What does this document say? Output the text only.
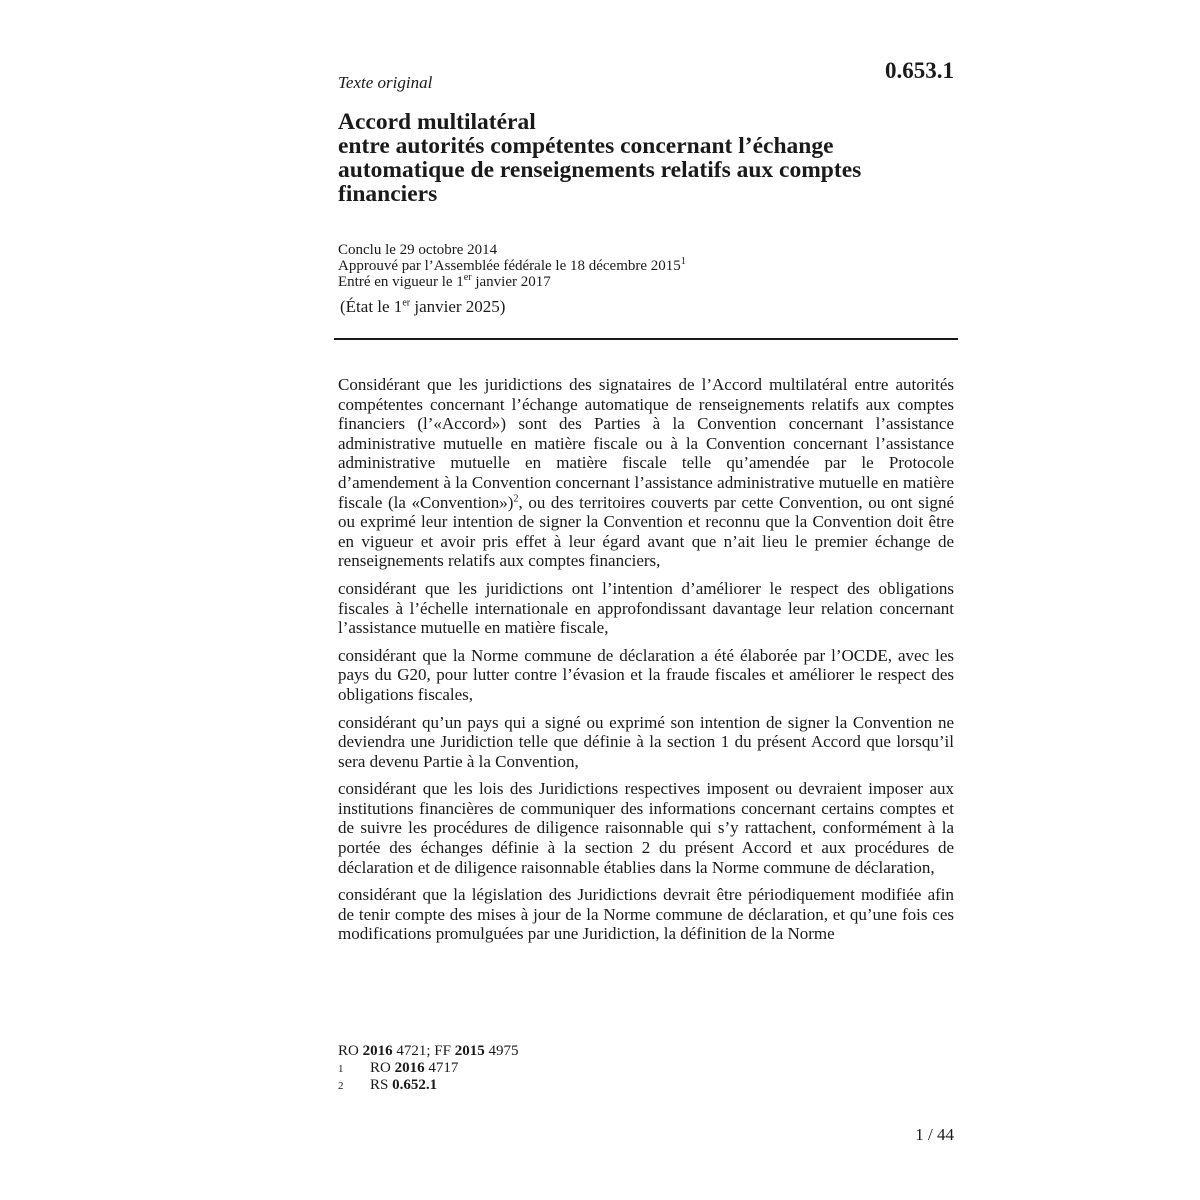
Texte original	0.653.1
Accord multilatéral
entre autorités compétentes concernant l’échange
automatique de renseignements relatifs aux comptes
financiers
Conclu le 29 octobre 2014
Approuvé par l’Assemblée fédérale le 18 décembre 2015$^1$
Entré en vigueur le 1er janvier 2017
(État le 1er janvier 2025)

Considérant que les juridictions des signataires de l’Accord multilatéral entre autorités compétentes concernant l’échange automatique de renseignements relatifs aux comptes financiers (l’«Accord») sont des Parties à la Convention concernant l’assistance administrative mutuelle en matière fiscale ou à la Convention concernant l’assistance administrative mutuelle en matière fiscale telle qu’amendée par le Protocole d’amendement à la Convention concernant l’assistance administrative mutuelle en matière fiscale (la «Convention»)$^2$, ou des territoires couverts par cette Convention, ou ont signé ou exprimé leur intention de signer la Convention et reconnu que la Convention doit être en vigueur et avoir pris effet à leur égard avant que n’ait lieu le premier échange de renseignements relatifs aux comptes financiers,

considérant que les juridictions ont l’intention d’améliorer le respect des obligations fiscales à l’échelle internationale en approfondissant davantage leur relation concernant l’assistance mutuelle en matière fiscale,

considérant que la Norme commune de déclaration a été élaborée par l’OCDE, avec les pays du G20, pour lutter contre l’évasion et la fraude fiscales et améliorer le respect des obligations fiscales,

considérant qu’un pays qui a signé ou exprimé son intention de signer la Convention ne deviendra une Juridiction telle que définie à la section 1 du présent Accord que lorsqu’il sera devenu Partie à la Convention,

considérant que les lois des Juridictions respectives imposent ou devraient imposer aux institutions financières de communiquer des informations concernant certains comptes et de suivre les procédures de diligence raisonnable qui s’y rattachent, conformément à la portée des échanges définie à la section 2 du présent Accord et aux procédures de déclaration et de diligence raisonnable établies dans la Norme commune de déclaration,

considérant que la législation des Juridictions devrait être périodiquement modifiée afin de tenir compte des mises à jour de la Norme commune de déclaration, et qu’une fois ces modifications promulguées par une Juridiction, la définition de la Norme

RO 2016 4721; FF 2015 4975
1 RO 2016 4717
2 RS 0.652.1
1 / 44
